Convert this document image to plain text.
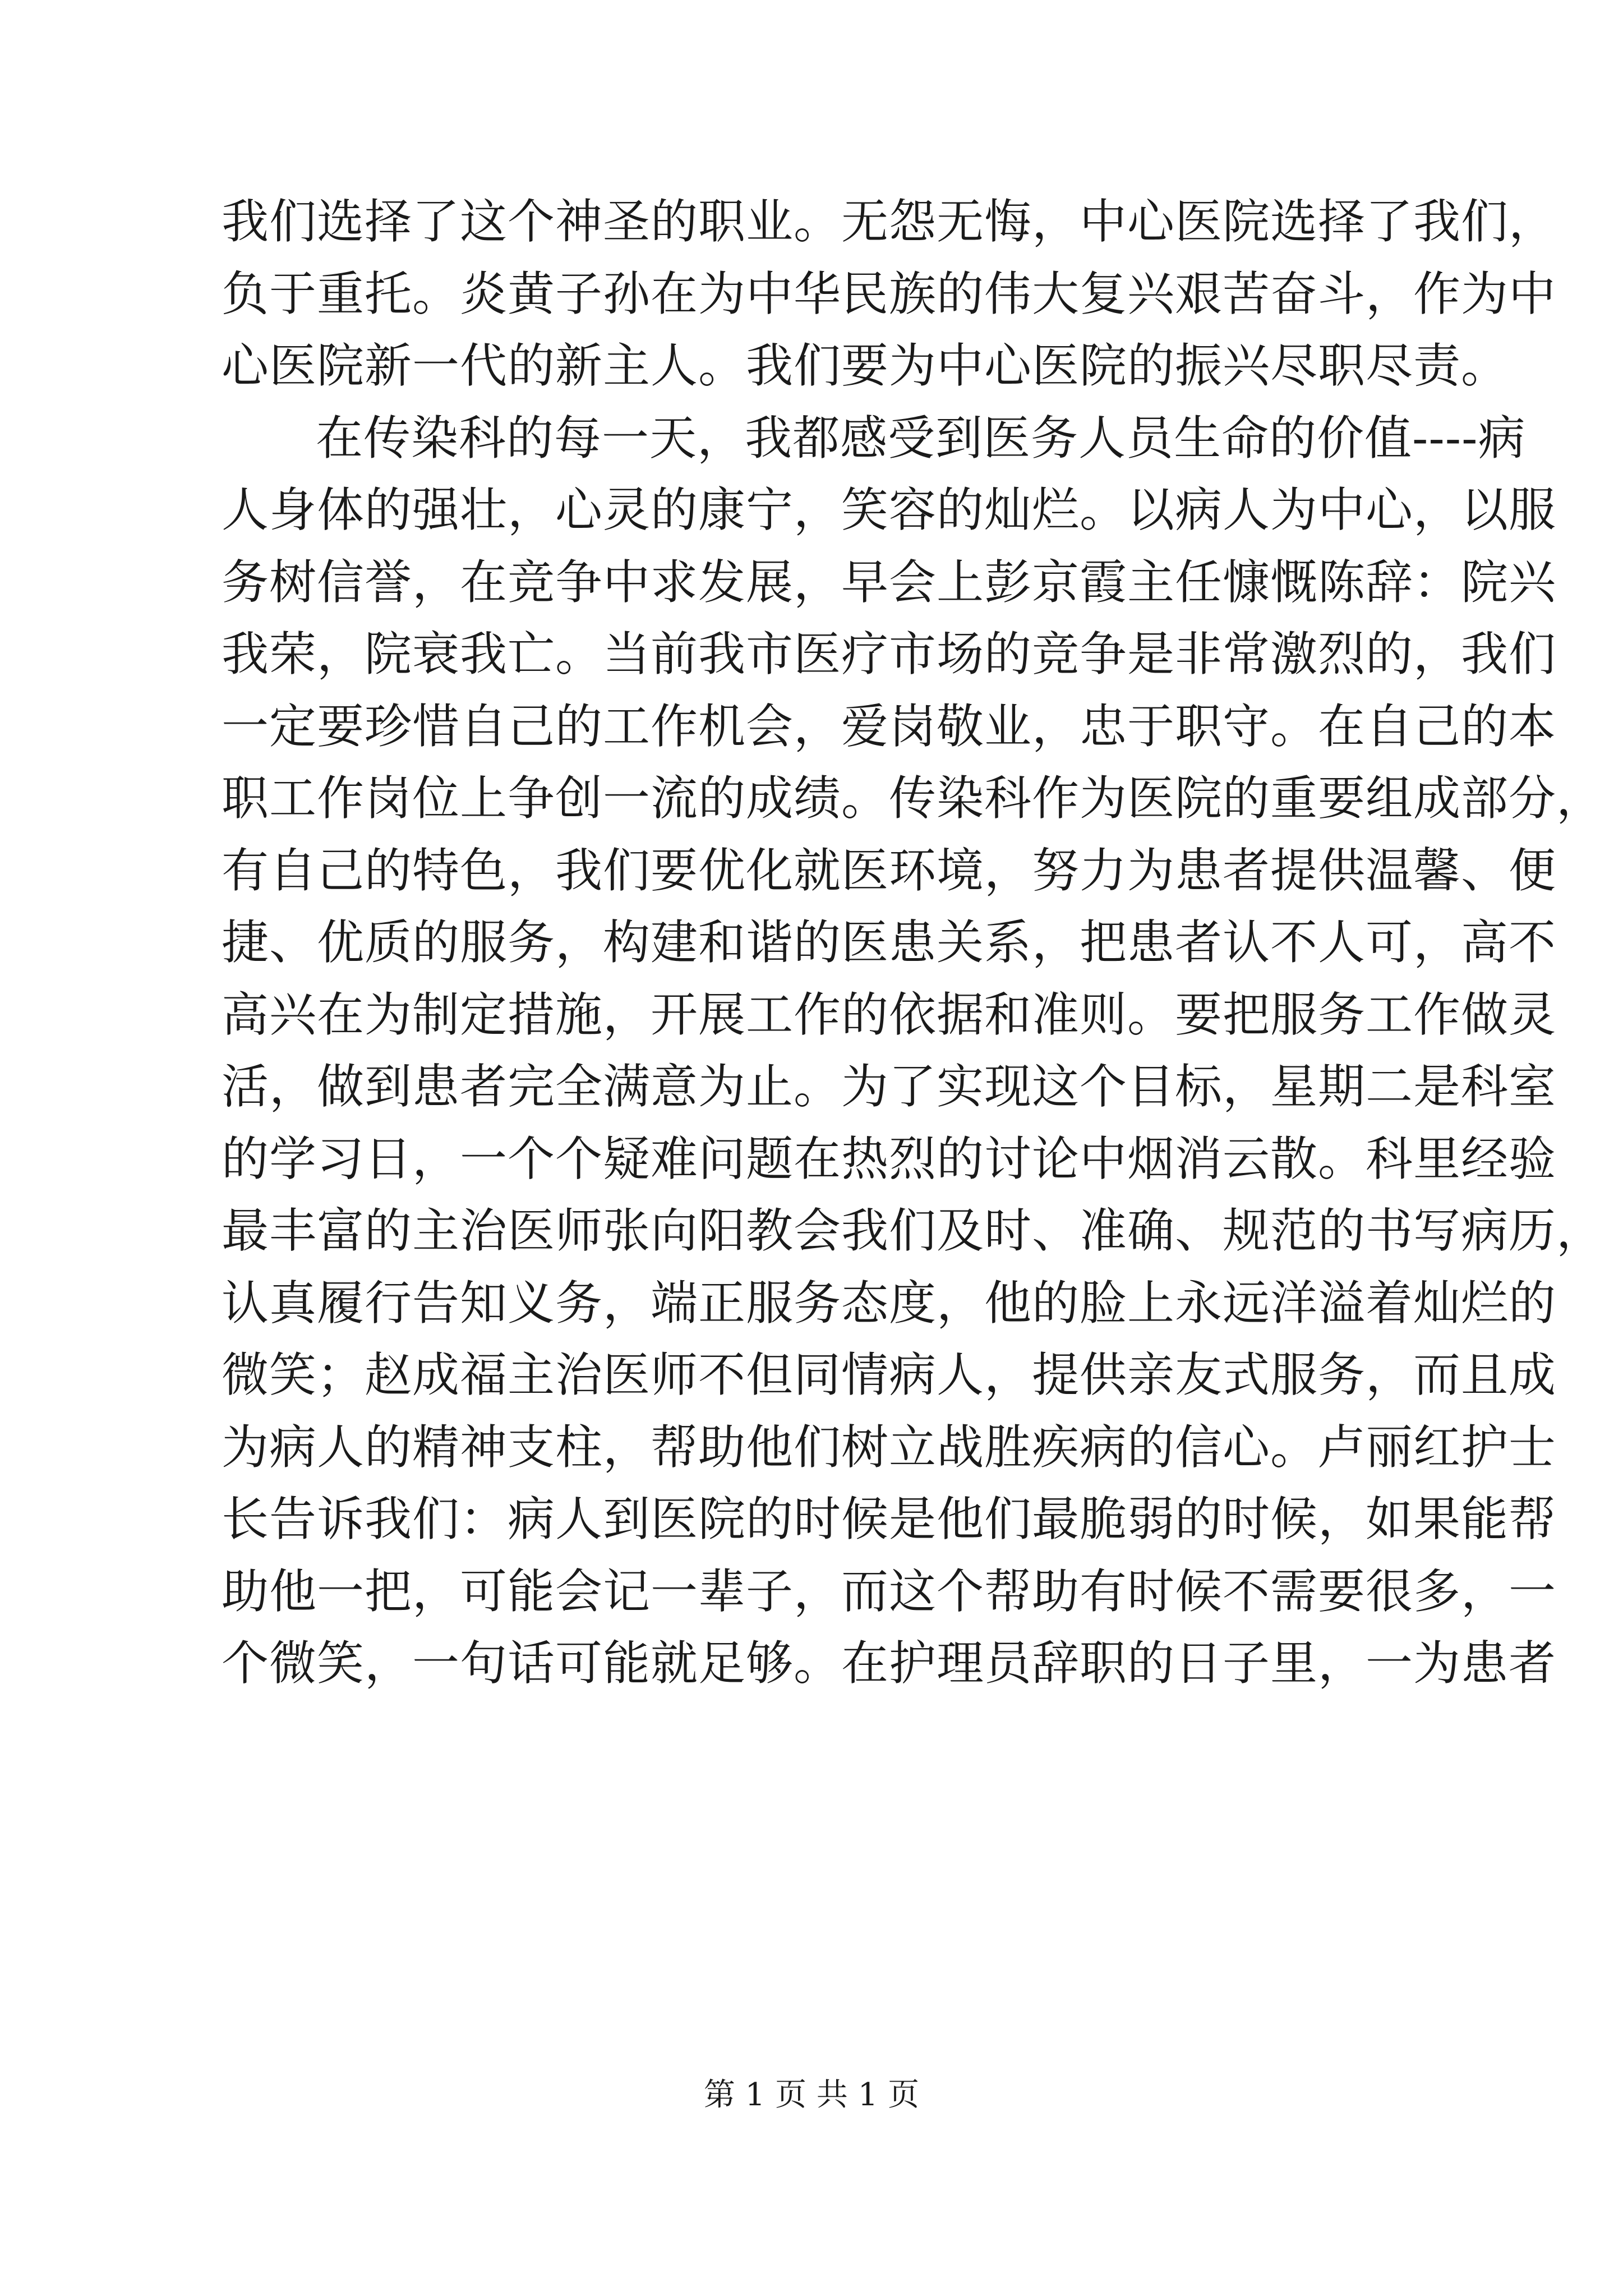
我们选择了这个神圣的职业。无怨无悔，中心医院选择了我们，
负于重托。炎黄子孙在为中华民族的伟大复兴艰苦奋斗，作为中
心医院新一代的新主人。我们要为中心医院的振兴尽职尽责。
在传染科的每一天，我都感受到医务人员生命的价值----病
人身体的强壮，心灵的康宁，笑容的灿烂。以病人为中心，以服
务树信誉，在竞争中求发展，早会上彭京霞主任慷慨陈辞：院兴
我荣，院衰我亡。当前我市医疗市场的竞争是非常激烈的，我们
一定要珍惜自己的工作机会，爱岗敬业，忠于职守。在自己的本
职工作岗位上争创一流的成绩。传染科作为医院的重要组成部分，
有自己的特色，我们要优化就医环境，努力为患者提供温馨、便
捷、优质的服务，构建和谐的医患关系，把患者认不人可，高不
高兴在为制定措施，开展工作的依据和准则。要把服务工作做灵
活，做到患者完全满意为止。为了实现这个目标，星期二是科室
的学习日，一个个疑难问题在热烈的讨论中烟消云散。科里经验
最丰富的主治医师张向阳教会我们及时、准确、规范的书写病历，
认真履行告知义务，端正服务态度，他的脸上永远洋溢着灿烂的
微笑；赵成福主治医师不但同情病人，提供亲友式服务，而且成
为病人的精神支柱，帮助他们树立战胜疾病的信心。卢丽红护士
长告诉我们：病人到医院的时候是他们最脆弱的时候，如果能帮
助他一把，可能会记一辈子，而这个帮助有时候不需要很多，一
个微笑，一句话可能就足够。在护理员辞职的日子里，一为患者
第 1 页 共 1 页
